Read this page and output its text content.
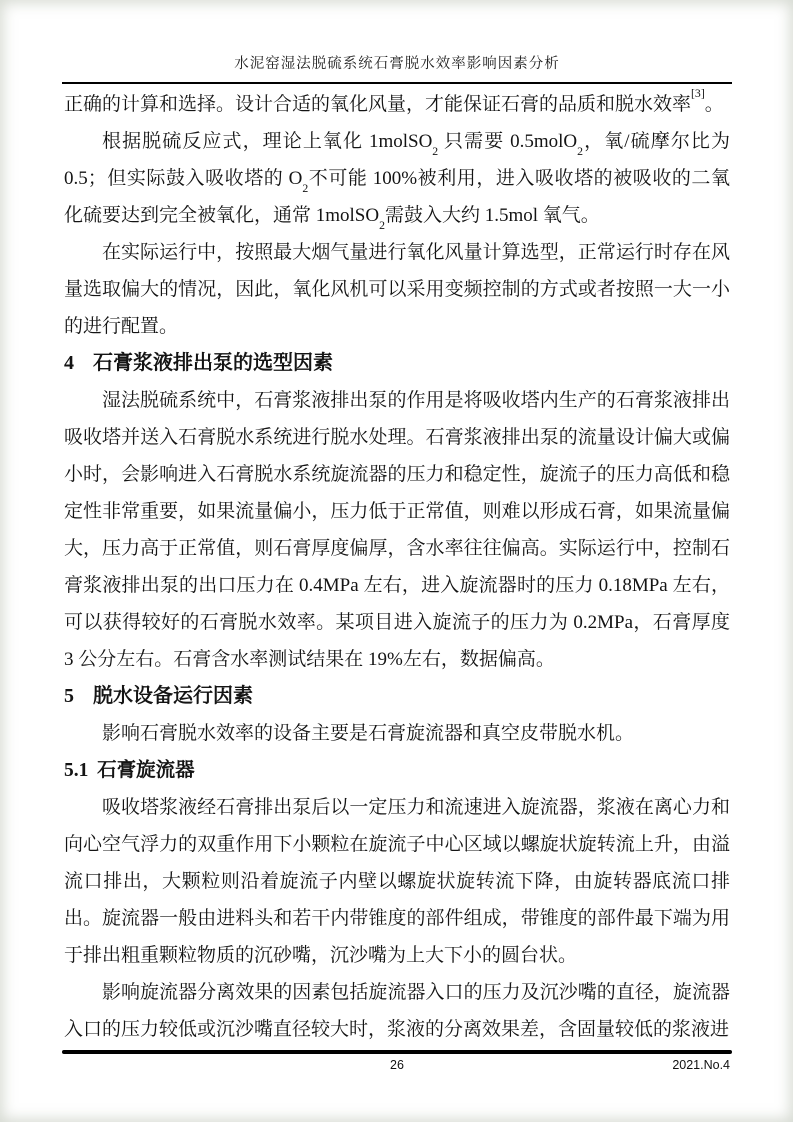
水泥窑湿法脱硫系统石膏脱水效率影响因素分析

正确的计算和选择。设计合适的氧化风量，才能保证石膏的品质和脱水效率[3]。

根据脱硫反应式，理论上氧化 1molSO$_2$ 只需要 0.5molO$_2$，氧/硫摩尔比为 0.5；但实际鼓入吸收塔的 $O_2$不可能 100%被利用，进入吸收塔的被吸收的二氧化硫要达到完全被氧化，通常 1molSO$_2$需鼓入大约 1.5mol 氧气。

在实际运行中，按照最大烟气量进行氧化风量计算选型，正常运行时存在风量选取偏大的情况，因此，氧化风机可以采用变频控制的方式或者按照一大一小的进行配置。

4 石膏浆液排出泵的选型因素

湿法脱硫系统中，石膏浆液排出泵的作用是将吸收塔内生产的石膏浆液排出吸收塔并送入石膏脱水系统进行脱水处理。石膏浆液排出泵的流量设计偏大或偏小时，会影响进入石膏脱水系统旋流器的压力和稳定性，旋流子的压力高低和稳定性非常重要，如果流量偏小，压力低于正常值，则难以形成石膏，如果流量偏大，压力高于正常值，则石膏厚度偏厚，含水率往往偏高。实际运行中，控制石膏浆液排出泵的出口压力在 0.4MPa 左右，进入旋流器时的压力 0.18MPa 左右，可以获得较好的石膏脱水效率。某项目进入旋流子的压力为 0.2MPa，石膏厚度 3 公分左右。石膏含水率测试结果在 19%左右，数据偏高。

5 脱水设备运行因素

影响石膏脱水效率的设备主要是石膏旋流器和真空皮带脱水机。

5.1 石膏旋流器

吸收塔浆液经石膏排出泵后以一定压力和流速进入旋流器，浆液在离心力和向心空气浮力的双重作用下小颗粒在旋流子中心区域以螺旋状旋转流上升，由溢流口排出，大颗粒则沿着旋流子内壁以螺旋状旋转流下降，由旋转器底流口排出。旋流器一般由进料头和若干内带锥度的部件组成，带锥度的部件最下端为用于排出粗重颗粒物质的沉砂嘴，沉沙嘴为上大下小的圆台状。

影响旋流器分离效果的因素包括旋流器入口的压力及沉沙嘴的直径，旋流器入口的压力较低或沉沙嘴直径较大时，浆液的分离效果差，含固量较低的浆液进

26	2021.No.4
